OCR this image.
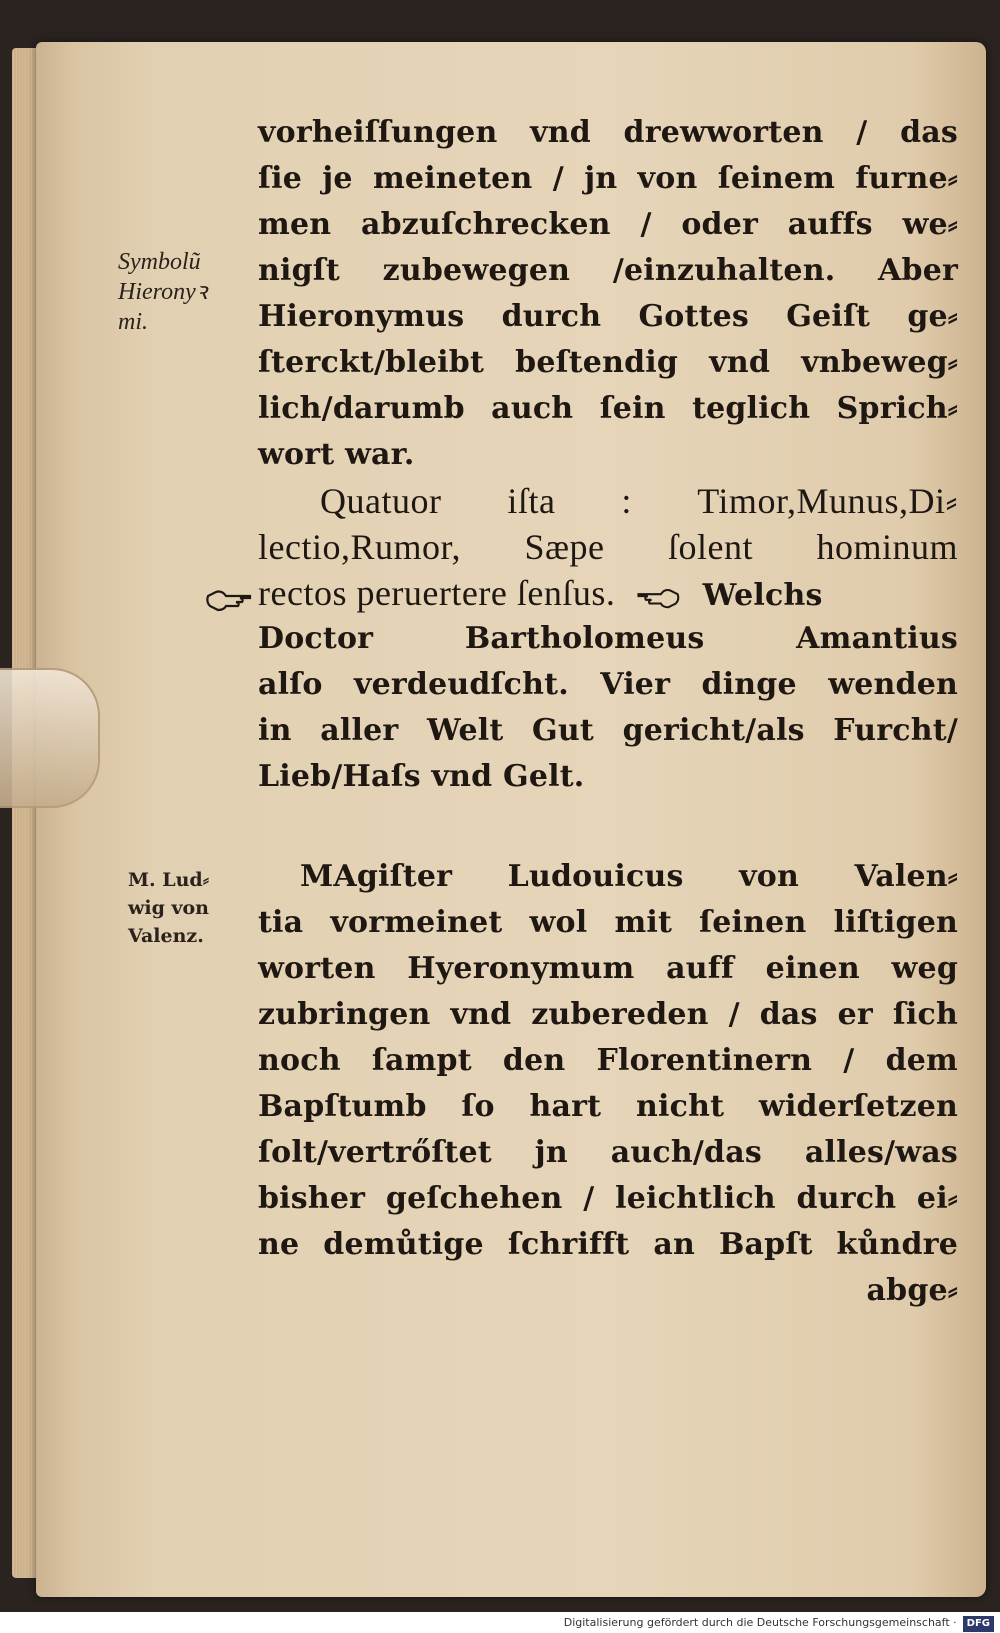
Symbolũ
Hieronyꝛ
mi.
M. Lud⸗
wig von
Valenz.
vorheiſſungen vnd drewworten / das
ſie je meineten / jn von ſeinem furne⸗
men abzuſchrecken / oder auffs we⸗
nigſt zubewegen /einzuhalten. Aber
Hieronymus durch Gottes Geiſt ge⸗
ſterckt/bleibt beſtendig vnd vnbeweg⸗
lich/darumb auch ſein teglich Sprich⸗
wort war.
Quatuor iſta : Timor,Munus,Di⸗
lectio,Rumor, Sæpe ſolent hominum
rectos peruertere ſenſus.	Welchs
Doctor Bartholomeus Amantius
alſo verdeudſcht. Vier dinge wenden
in aller Welt Gut gericht/als Furcht/
Lieb/Haſs vnd Gelt.
MAgiſter Ludouicus von Valen⸗
tia vormeinet wol mit ſeinen liſtigen
worten Hyeronymum auff einen weg
zubringen vnd zubereden / das er ſich
noch ſampt den Florentinern / dem
Bapſtumb ſo hart nicht widerſetzen
ſolt/vertrőſtet jn auch/das alles/was
bisher geſchehen / leichtlich durch ei⸗
ne demůtige ſchrifft an Bapſt kůndre
abge⸗
Digitalisierung gefördert durch die Deutsche Forschungsgemeinschaft · DFG
